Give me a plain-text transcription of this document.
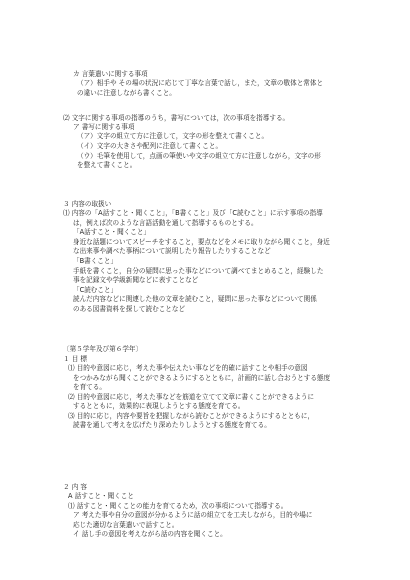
カ 言葉遣いに関する事項
（ア）相手や その場の状況に応じて丁寧な言葉で話し，また，文章の敬体と常体と
の違いに注意しながら書くこと。
⑵ 文字に関する事項の指導のうち，書写については，次の事項を指導する。
ア 書写に関する事項
（ア）文字の組立て方に注意して，文字の形を整えて書くこと。
（イ）文字の大きさや配列に注意して書くこと。
（ウ）毛筆を使用して，点画の筆使いや文字の組立て方に注意しながら，文字の形
を整えて書くこと。
３ 内容の取扱い
⑴ 内容の「A話すこと・聞くこと」，「B書くこと」及び「C読むこと」に示す事項の指導
は，例えば次のような言語活動を通して指導するものとする。
「A話すこと・聞くこと」
身近な話題についてスピーチをすること，要点などをメモに取りながら聞くこと，身近
な出来事や調べた事柄について説明したり報告したりすることなど
「B書くこと」
手紙を書くこと，自分の疑問に思った事などについて調べてまとめること，経験した
事を記録文や学級新聞などに表すことなど
「C読むこと」
読んだ内容などに関連した他の文章を読むこと，疑問に思った事などについて関係
のある図書資料を探して読むことなど
〔第５学年及び第６学年〕
１ 目 標
⑴ 目的や意図に応じ，考えた事や伝えたい事などを的確に話すことや相手の意図
をつかみながら聞くことができるようにするとともに，計画的に話し合おうとする態度
を育てる。
⑵ 目的や意図に応じ，考えた事などを筋道を立てて文章に書くことができるように
するとともに，効果的に表現しようとする態度を育てる。
⑶ 目的に応じ，内容や要旨を把握しながら読むことができるようにするとともに，
読書を通して考えを広げたり深めたりしようとする態度を育てる。
２ 内 容
A 話すこと・聞くこと
⑴ 話すこと・聞くことの能力を育てるため，次の事項について指導する。
ア 考えた事や自分の意図が分かるように話の組立てを工夫しながら，目的や場に
応じた適切な言葉遣いで話すこと。
イ 話し手の意図を考えながら話の内容を聞くこと。
